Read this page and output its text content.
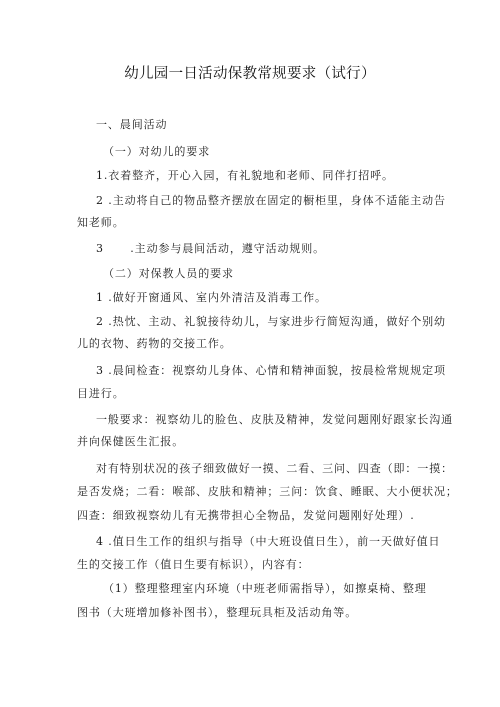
幼儿园一日活动保教常规要求（试行）
一、晨间活动
（一）对幼儿的要求
1.衣着整齐，开心入园，有礼貌地和老师、同伴打招呼。
2 .主动将自己的物品整齐摆放在固定的橱柜里，身体不适能主动告
知老师。
3      .主动参与晨间活动，遵守活动规则。
（二）对保教人员的要求
1 .做好开窗通风、室内外清洁及消毒工作。
2 .热忱、主动、礼貌接待幼儿，与家进步行简短沟通，做好个别幼
儿的衣物、药物的交接工作。
3 .晨间检查：视察幼儿身体、心情和精神面貌，按晨检常规规定项
目进行。
一般要求：视察幼儿的脸色、皮肤及精神，发觉问题刚好跟家长沟通
并向保健医生汇报。
对有特别状况的孩子细致做好一摸、二看、三问、四查（即：一摸：
是否发烧；二看：喉部、皮肤和精神；三问：饮食、睡眠、大小便状况；
四查：细致视察幼儿有无携带担心全物品，发觉问题刚好处理）.
4 .值日生工作的组织与指导（中大班设值日生），前一天做好值日
生的交接工作（值日生要有标识），内容有：
（1）整理整理室内环境（中班老师需指导），如擦桌椅、整理
图书（大班增加修补图书），整理玩具柜及活动角等。
